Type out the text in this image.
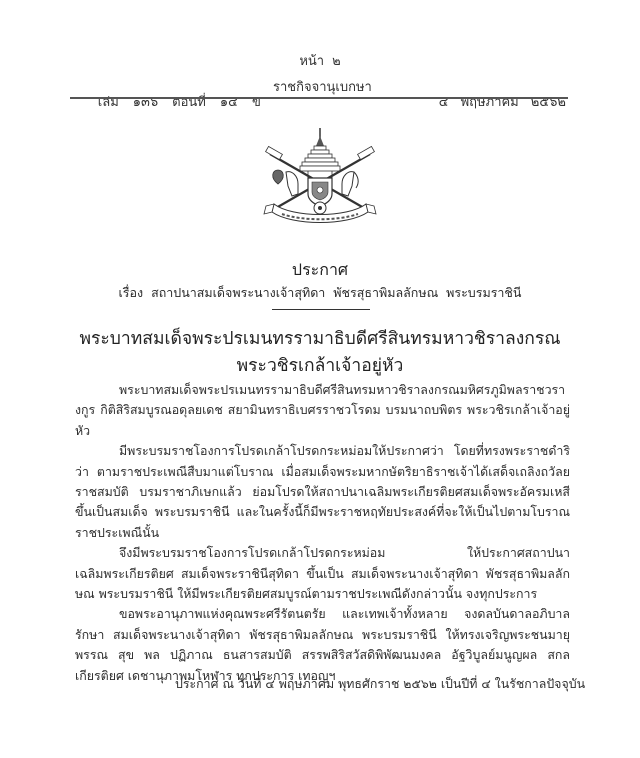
หน้า ๒

เล่ม ๑๓๖ ตอนที่ ๑๔ ข

ราชกิจจานุเบกษา

๔ พฤษภาคม ๒๕๖๒

ประกาศ
เรื่อง  สถาปนาสมเด็จพระนางเจ้าสุทิดา  พัชรสุธาพิมลลักษณ  พระบรมราชินี
พระบาทสมเด็จพระปรเมนทรรามาธิบดีศรีสินทรมหาวชิราลงกรณ
พระวชิรเกล้าเจ้าอยู่หัว

พระบาทสมเด็จพระปรเมนทรรามาธิบดีศรีสินทรมหาวชิราลงกรณมหิศรภูมิพลราชวรางกูร กิติสิริสมบูรณอดุลยเดช สยามินทราธิเบศรราชวโรดม บรมนาถบพิตร พระวชิรเกล้าเจ้าอยู่หัว

มีพระบรมราชโองการโปรดเกล้าโปรดกระหม่อมให้ประกาศว่า โดยที่ทรงพระราชดำริว่า ตามราชประเพณีสืบมาแต่โบราณ เมื่อสมเด็จพระมหากษัตริยาธิราชเจ้าได้เสด็จเถลิงถวัลยราชสมบัติ บรมราชาภิเษกแล้ว ย่อมโปรดให้สถาปนาเฉลิมพระเกียรติยศสมเด็จพระอัครมเหสี ขึ้นเป็นสมเด็จ พระบรมราชินี และในครั้งนี้ก็มีพระราชหฤทัยประสงค์ที่จะให้เป็นไปตามโบราณราชประเพณีนั้น

จึงมีพระบรมราชโองการโปรดเกล้าโปรดกระหม่อม ให้ประกาศสถาปนาเฉลิมพระเกียรติยศ สมเด็จพระราชินีสุทิดา ขึ้นเป็น สมเด็จพระนางเจ้าสุทิดา พัชรสุธาพิมลลักษณ พระบรมราชินี ให้มีพระเกียรติยศสมบูรณ์ตามราชประเพณีดังกล่าวนั้น จงทุกประการ

ขอพระอานุภาพแห่งคุณพระศรีรัตนตรัย และเทพเจ้าทั้งหลาย จงดลบันดาลอภิบาลรักษา สมเด็จพระนางเจ้าสุทิดา พัชรสุธาพิมลลักษณ พระบรมราชินี ให้ทรงเจริญพระชนมายุ พรรณ สุข พล ปฏิภาณ ธนสารสมบัติ สรรพสิริสวัสดิพิพัฒนมงคล อัฐวิบูลย์มนูญผล สกลเกียรติยศ เดชานุภาพมโหฬาร ทุกประการ เทอญฯ

ประกาศ ณ วันที่ ๔ พฤษภาคม พุทธศักราช ๒๕๖๒ เป็นปีที่ ๔ ในรัชกาลปัจจุบัน
